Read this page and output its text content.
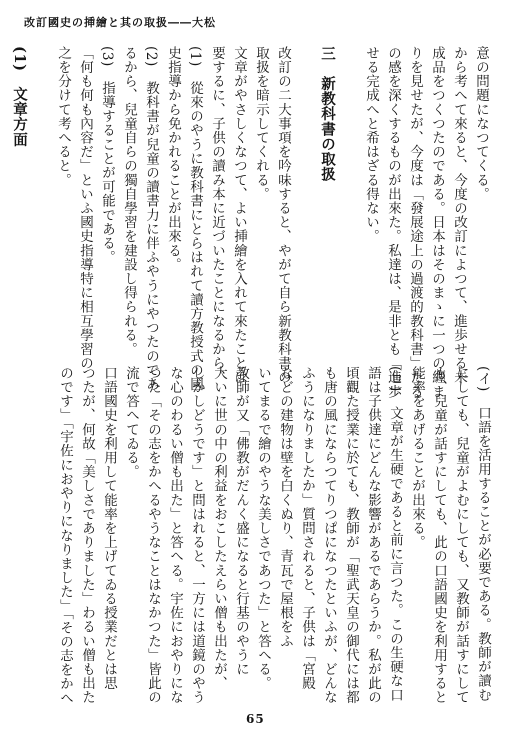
改訂國史の挿繪と其の取扱――大松
意の問題になつてくる。
から考へて來ると、今度の改訂によつて、進歩せる未
成品をつくつたのである。日本はそのまゝに一つの纒ま
りを見せたが、今度は「發展途上の過渡的教科書」たる
の感を深くするものが出來た。私達は、是非とも「進歩
せる完成へと希はざる得ない。

三　新教科書の取扱

改訂の二大事項を吟味すると、やがて自ら新教科書の
取扱を暗示してくれる。
文章がやさしくなつて、よい挿繪を入れて來たことは
要するに、子供の讀み本に近づいたことになるから、
(1)　從來のやうに教科書にとらはれて讀方教授式の國
史指導から免かれることが出來る。
(2)　教科書が兒童の讀書力に伴ふやうにやつたのであ
るから、兒童自らの獨自學習を建設し得られる。
(3)　指導することが可能である。
「何も何も內容だ」といふ國史指導特に相互學習の
之を分けて考へると。

(1)　文章方面
(イ)　口語を活用することが必要である。教師が讀む
にしても、兒童がよむにしても、又教師が話すにして
も、兒童が話すにしても、此の口語國史を利用すると
能率をあげることが出來る。
(ロ)　文章が生硬であると前に言つた。この生硬な口
語は子供達にどんな影響があるであらうか。私が此の
頃觀た授業に於ても、教師が「聖武天皇の御代には都
も唐の風にならつてりつぱになつたといふが、どんな
ふうになりましたか」質問されると、子供は「宮殿
などの建物は壁を白くぬり、青瓦で屋根をふ
いてまるで繪のやうな美しさであつた」と答へる。
教師が又「佛教がだんく盛になると行基のやうに
大いに世の中の利益をおこしたえらい僧も出たが、
しかしどうです」と問はれると、一方には道鏡のやう
な心のわるい僧も出た」と答へる。宇佐におやりにな
つた「その志をかへるやうなことはなかつた」皆此の
流で答へてゐる。
口語國史を利用して能率を上げてゐる授業だとは思
つたが、何故「美しさでありました」わるい僧も出た
のです」「宇佐におやりになりました」「その志をかへ
65
